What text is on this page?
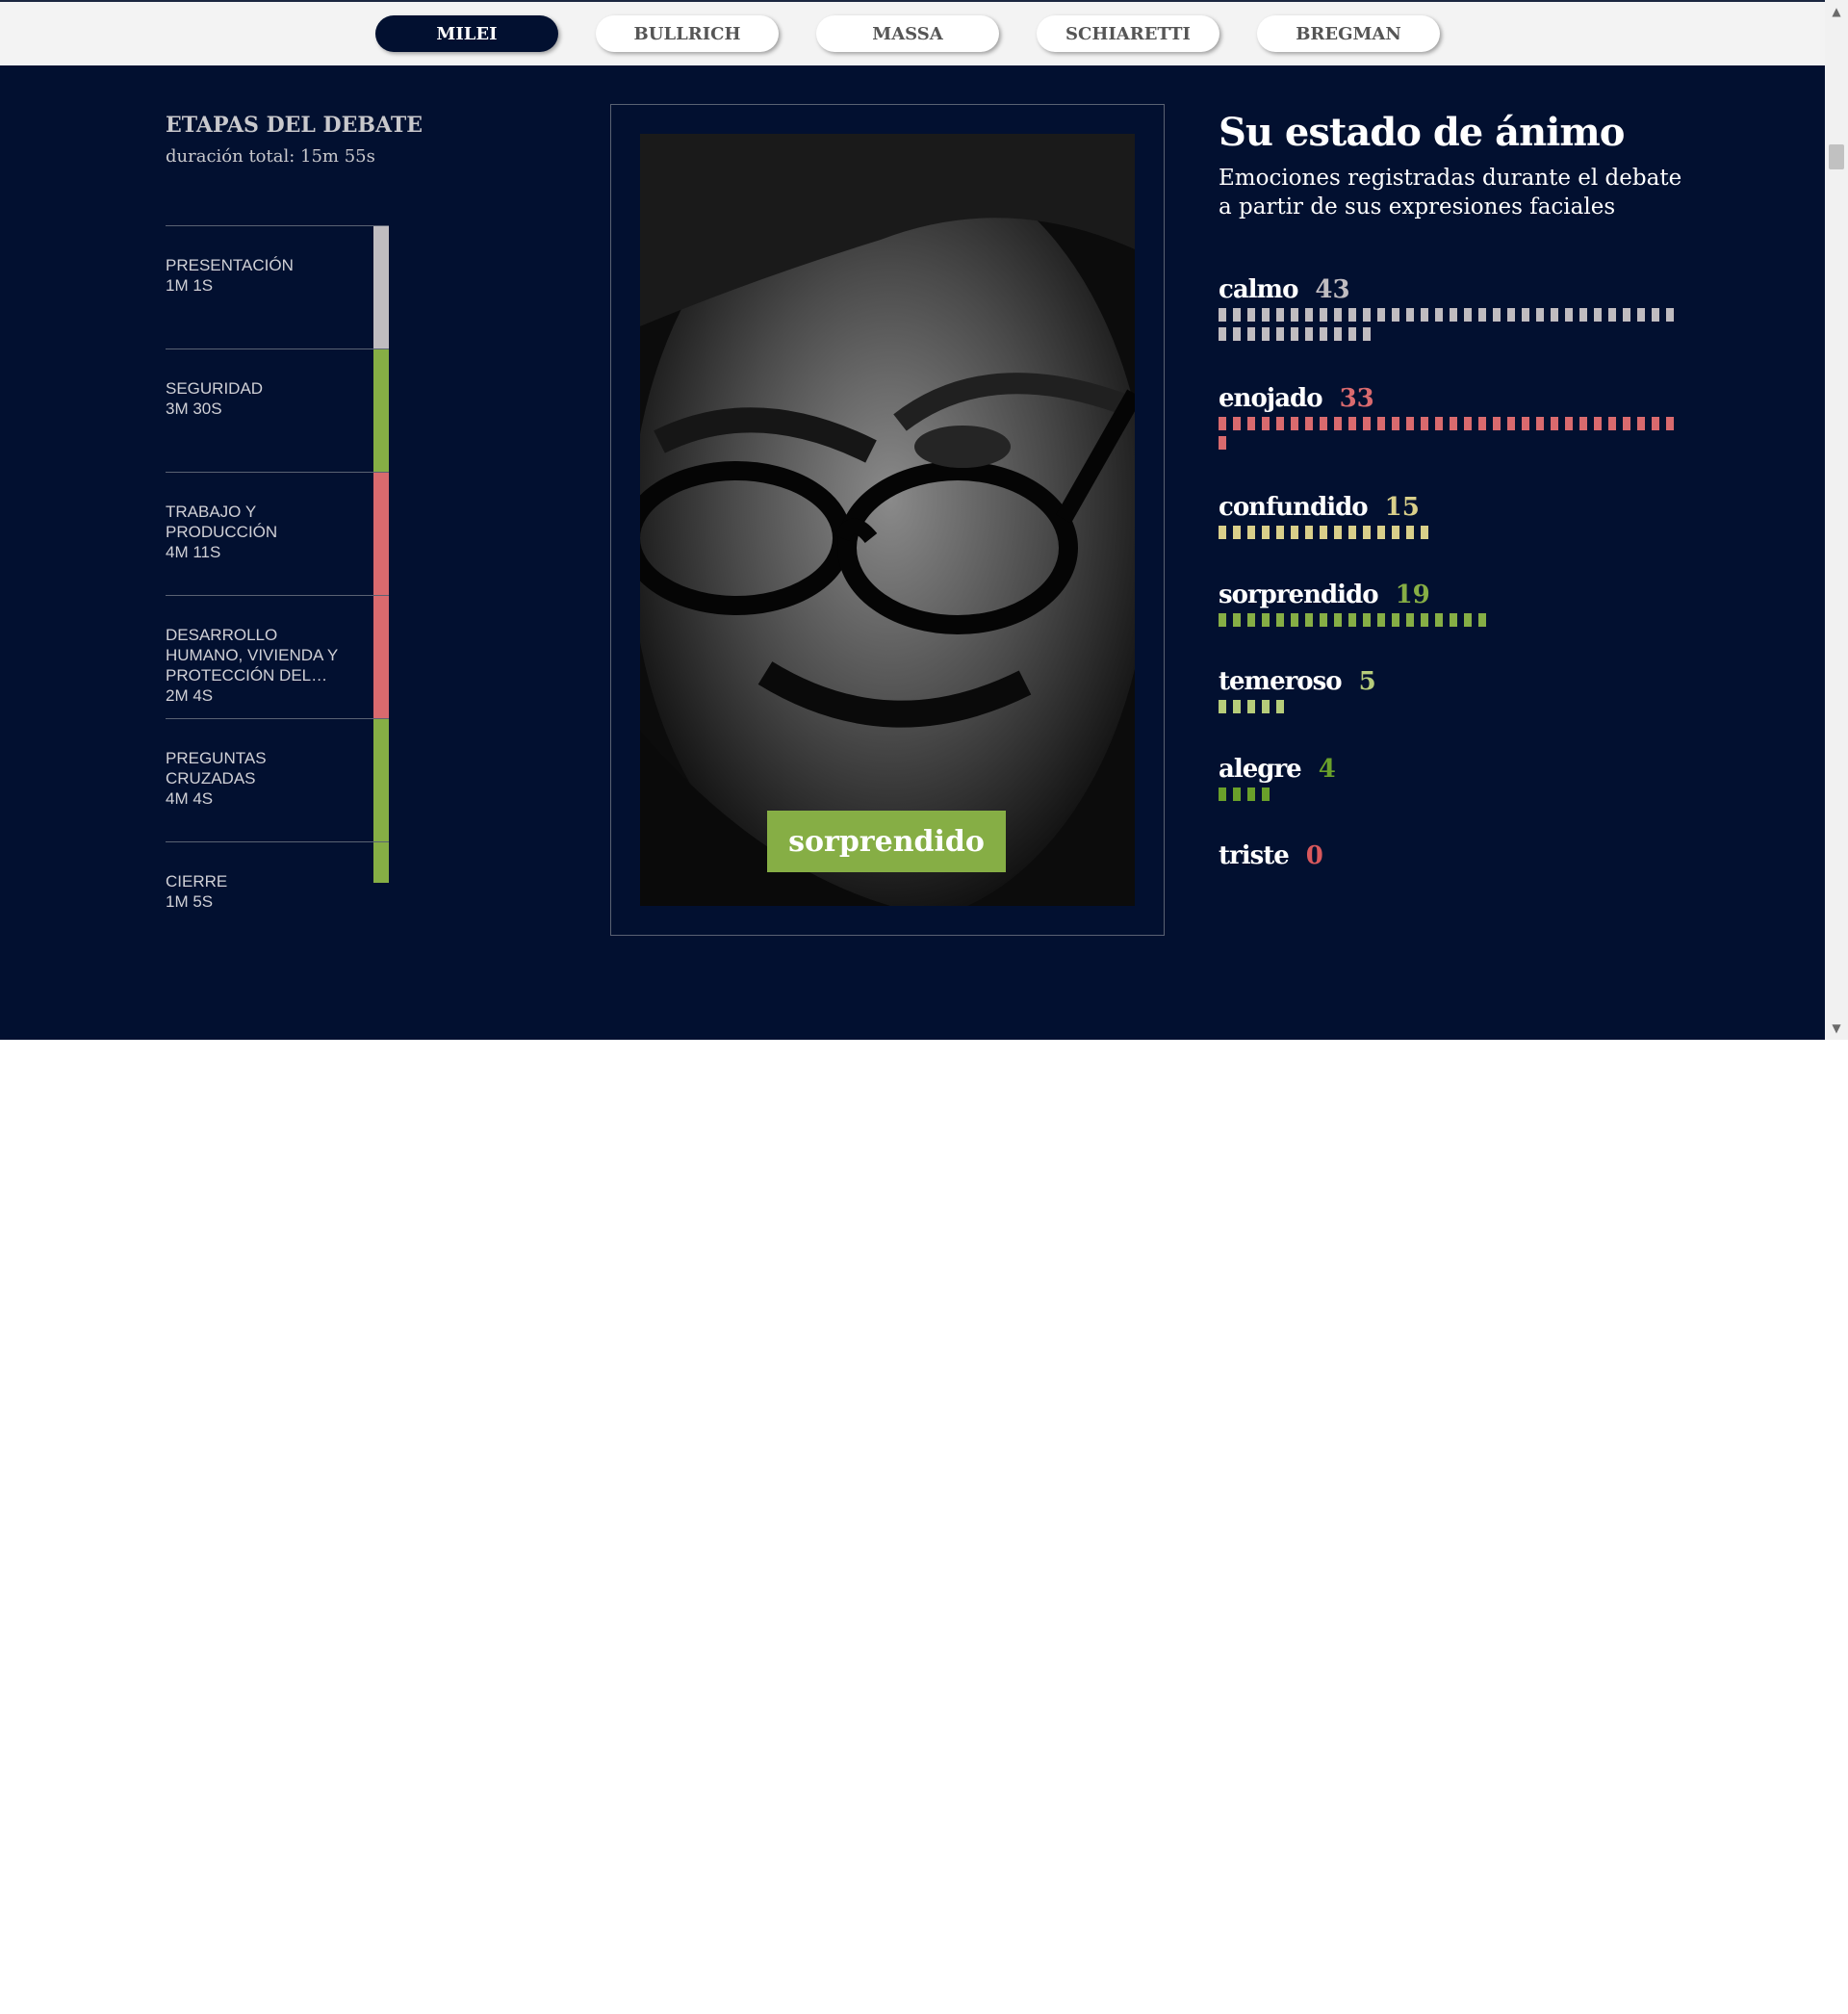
MILEI	BULLRICH	MASSA	SCHIARETTI	BREGMAN
ETAPAS DEL DEBATE
duración total: 15m 55s
PRESENTACIÓN
1M 1S
SEGURIDAD
3M 30S
TRABAJO Y PRODUCCIÓN
4M 11S
DESARROLLO HUMANO, VIVIENDA Y PROTECCIÓN DEL…
2M 4S
PREGUNTAS CRUZADAS
4M 4S
CIERRE
1M 5S
sorprendido
Su estado de ánimo
Emociones registradas durante el debate a partir de sus expresiones faciales
calmo 43
enojado 33
confundido 15
sorprendido 19
temeroso 5
alegre 4
triste 0
▲
▼
